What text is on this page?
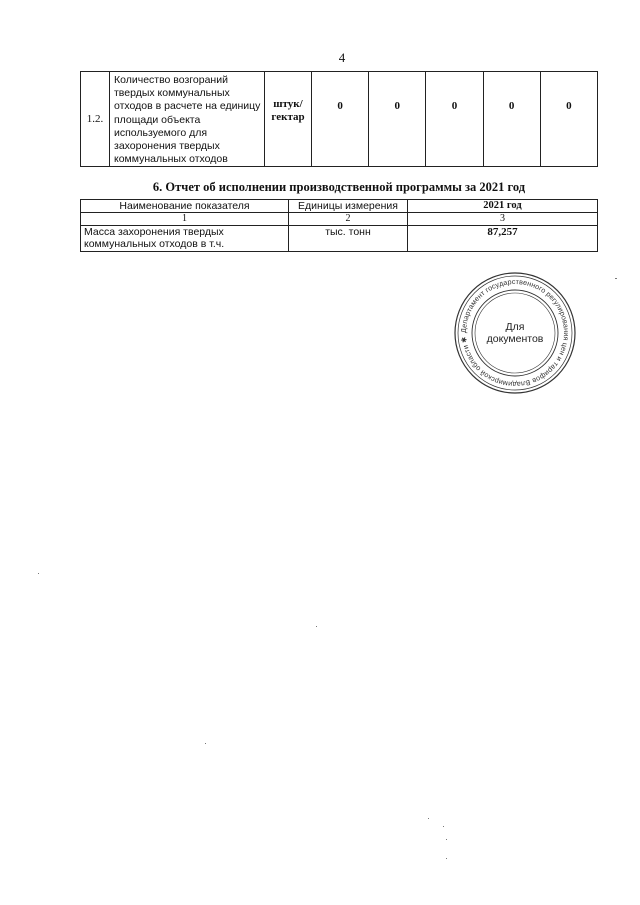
4
1.2.	Количество возгораний твердых коммунальных отходов в расчете на единицу площади объекта используемого для захоронения твердых коммунальных отходов	штук/ гектар	0	0	0	0	0
6. Отчет об исполнении производственной программы за 2021 год
Наименование показателя	Единицы измерения	2021 год
1	2	3
Масса захоронения твердых коммунальных отходов в т.ч.	тыс. тонн	87,257
Департамент государственного регулирования цен и тарифов Владимирской области ✱
Для
документов
